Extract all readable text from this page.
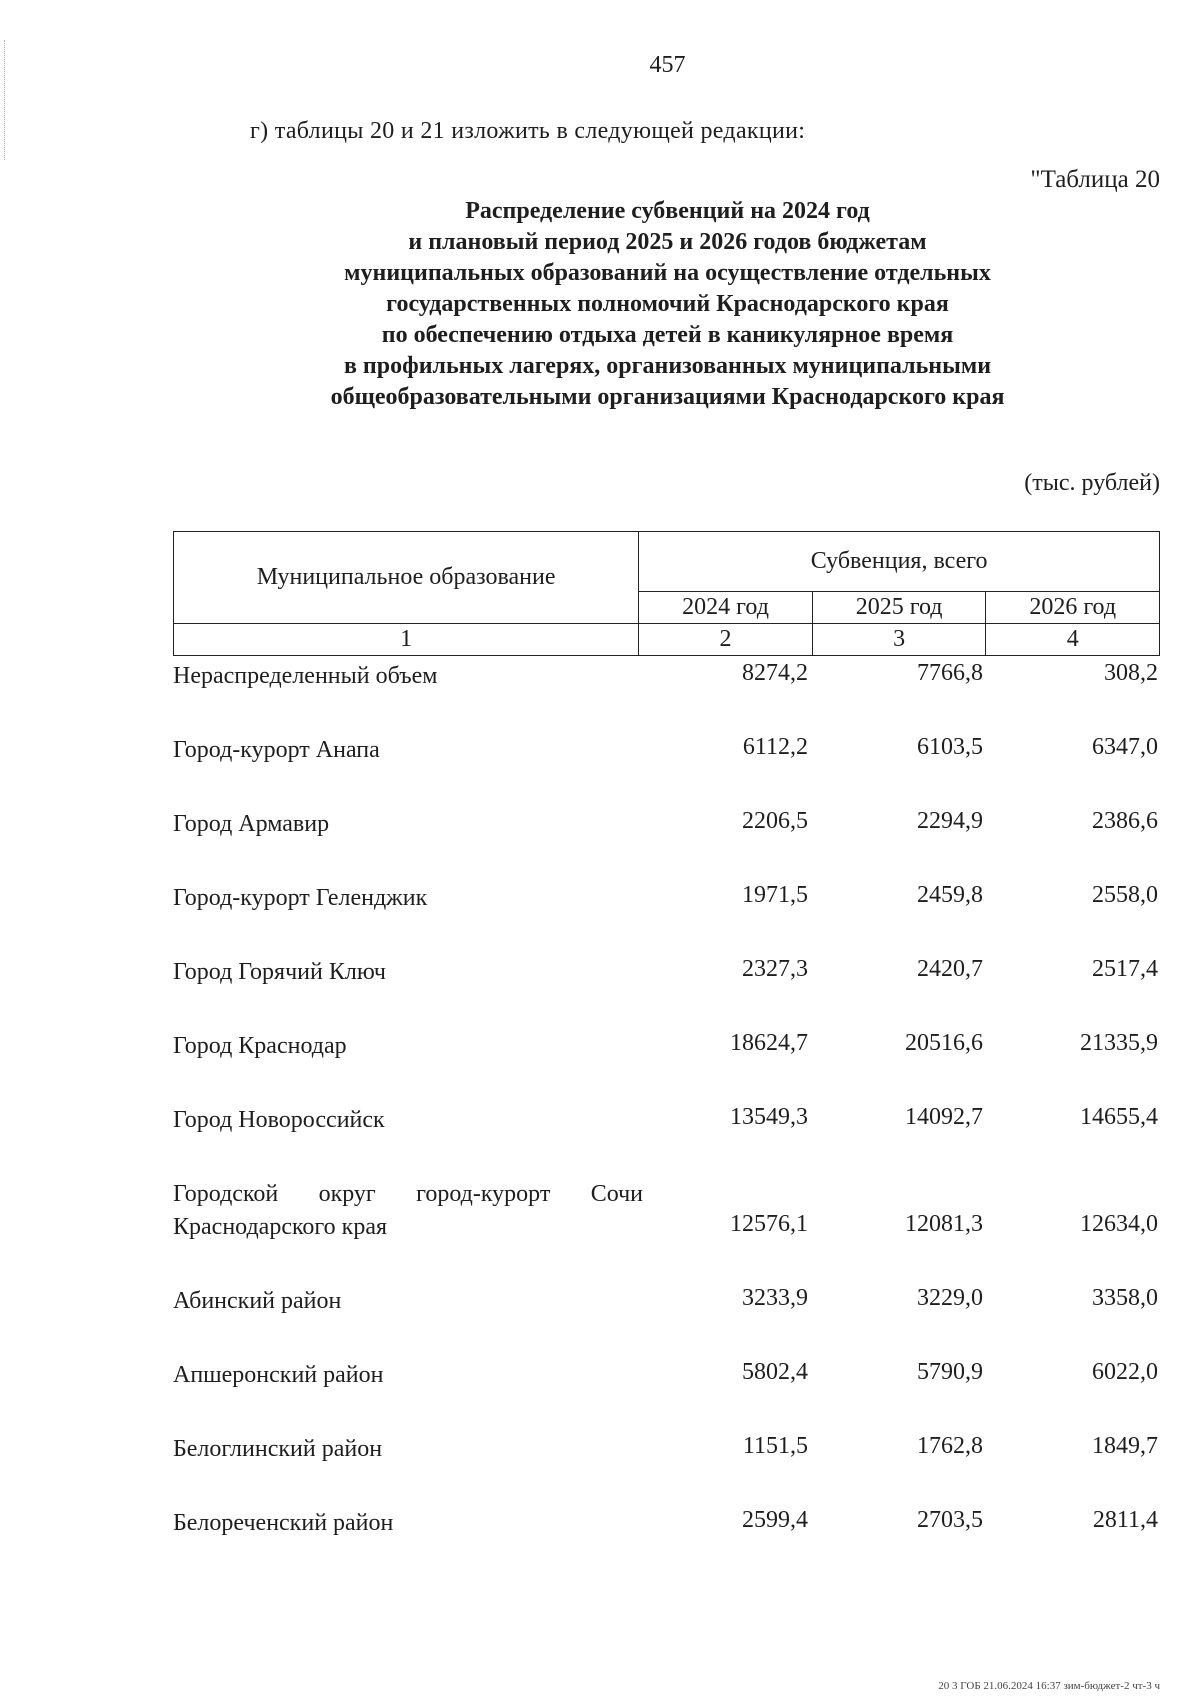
457
г) таблицы 20 и 21 изложить в следующей редакции:
"Таблица 20
Распределение субвенций на 2024 год
и плановый период 2025 и 2026 годов бюджетам
муниципальных образований на осуществление отдельных
государственных полномочий Краснодарского края
по обеспечению отдыха детей в каникулярное время
в профильных лагерях, организованных муниципальными
общеобразовательными организациями Краснодарского края
(тыс. рублей)
Муниципальное образование	Субвенция, всего		
	2024 год	2025 год	2026 год
1	2	3	4
Нераспределенный объем	8274,2	7766,8	308,2
Город-курорт Анапа	6112,2	6103,5	6347,0
Город Армавир	2206,5	2294,9	2386,6
Город-курорт Геленджик	1971,5	2459,8	2558,0
Город Горячий Ключ	2327,3	2420,7	2517,4
Город Краснодар	18624,7	20516,6	21335,9
Город Новороссийск	13549,3	14092,7	14655,4
Городской округ город-курорт Сочи Краснодарского края	12576,1	12081,3	12634,0
Абинский район	3233,9	3229,0	3358,0
Апшеронский район	5802,4	5790,9	6022,0
Белоглинский район	1151,5	1762,8	1849,7
Белореченский район	2599,4	2703,5	2811,4
20 3 ГОБ 21.06.2024 16:37 зим-бюджет-2 чт-3 ч
